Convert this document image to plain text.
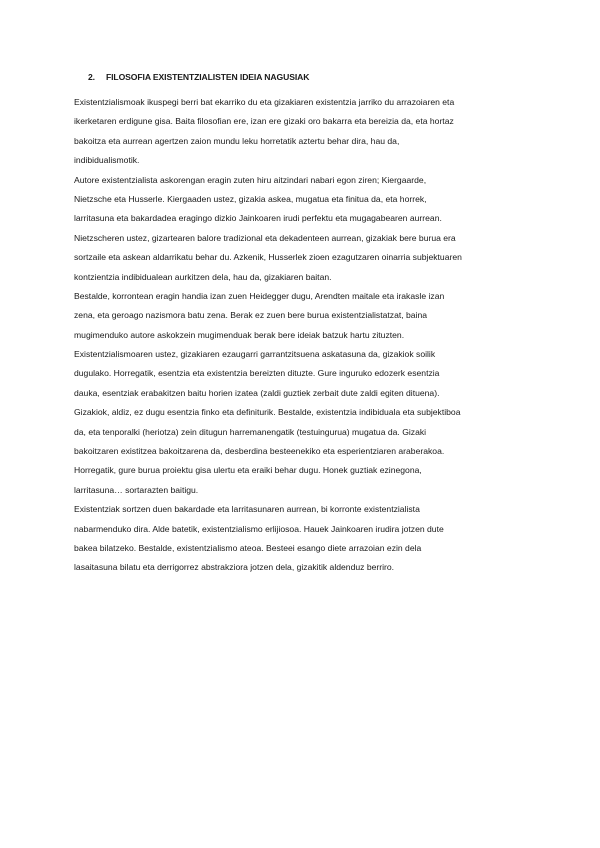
2. FILOSOFIA EXISTENTZIALISTEN IDEIA NAGUSIAK
Existentzialismoak ikuspegi berri bat ekarriko du eta gizakiaren existentzia jarriko du arrazoiaren eta
ikerketaren erdigune gisa. Baita filosofian ere, izan ere gizaki oro bakarra eta bereizia da, eta hortaz
bakoitza eta aurrean agertzen zaion mundu leku horretatik aztertu behar dira, hau da,
indibidualismotik.
Autore existentzialista askorengan eragin zuten hiru aitzindari nabari egon ziren; Kiergaarde,
Nietzsche eta Husserle. Kiergaaden ustez, gizakia askea, mugatua eta finitua da, eta horrek,
larritasuna eta bakardadea eragingo dizkio Jainkoaren irudi perfektu eta mugagabearen aurrean.
Nietzscheren ustez, gizartearen balore tradizional eta dekadenteen aurrean, gizakiak bere burua era
sortzaile eta askean aldarrikatu behar du. Azkenik, Husserlek zioen ezagutzaren oinarria subjektuaren
kontzientzia indibidualean aurkitzen dela, hau da, gizakiaren baitan.
Bestalde, korrontean eragin handia izan zuen Heidegger dugu, Arendten maitale eta irakasle izan
zena, eta geroago nazismora batu zena. Berak ez zuen bere burua existentzialistatzat, baina
mugimenduko autore askokzein mugimenduak berak bere ideiak batzuk hartu zituzten.
Existentzialismoaren ustez, gizakiaren ezaugarri garrantzitsuena askatasuna da, gizakiok soilik
dugulako. Horregatik, esentzia eta existentzia bereizten dituzte. Gure inguruko edozerk esentzia
dauka, esentziak erabakitzen baitu horien izatea (zaldi guztiek zerbait dute zaldi egiten dituena).
Gizakiok, aldiz, ez dugu esentzia finko eta definiturik. Bestalde, existentzia indibiduala eta subjektiboa
da, eta tenporalki (heriotza) zein ditugun harremanengatik (testuingurua) mugatua da. Gizaki
bakoitzaren existitzea bakoitzarena da, desberdina besteenekiko eta esperientziaren araberakoa.
Horregatik, gure burua proiektu gisa ulertu eta eraiki behar dugu. Honek guztiak ezinegona,
larritasuna… sortarazten baitigu.
Existentziak sortzen duen bakardade eta larritasunaren aurrean, bi korronte existentzialista
nabarmenduko dira. Alde batetik, existentzialismo erlijiosoa. Hauek Jainkoaren irudira jotzen dute
bakea bilatzeko. Bestalde, existentzialismo ateoa. Besteei esango diete arrazoian ezin dela
lasaitasuna bilatu eta derrigorrez abstrakziora jotzen dela, gizakitik aldenduz berriro.
